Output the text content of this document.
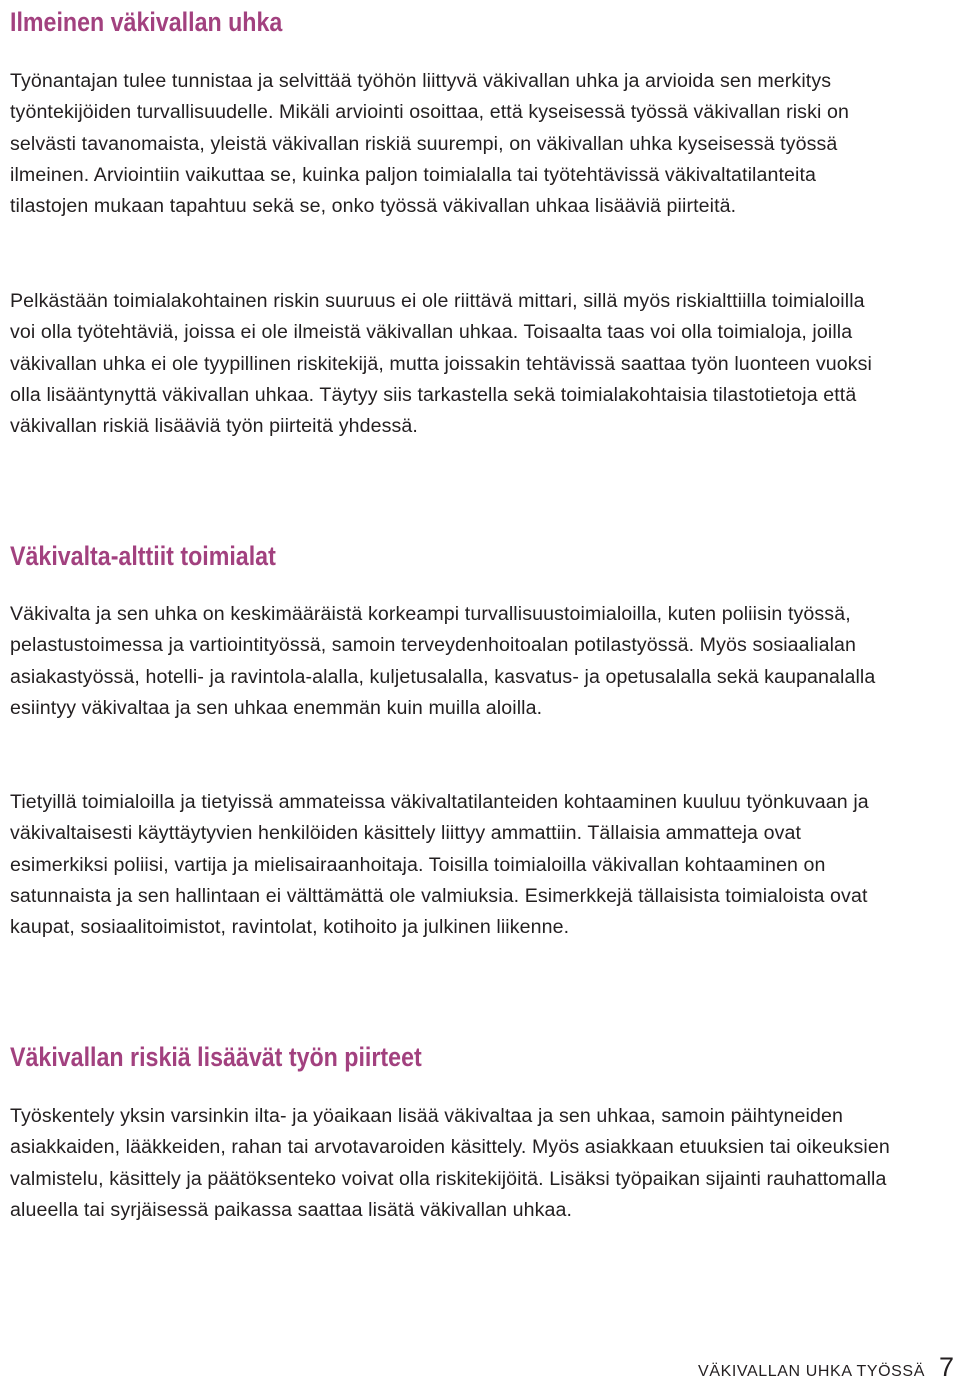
Ilmeinen väkivallan uhka

Työnantajan tulee tunnistaa ja selvittää työhön liittyvä väkivallan uhka ja arvioida sen merkitys työntekijöiden turvallisuudelle. Mikäli arviointi osoittaa, että kyseisessä työssä väkivallan riski on selvästi tavanomaista, yleistä väkivallan riskiä suurempi, on väkivallan uhka kyseisessä työssä ilmeinen. Arviointiin vaikuttaa se, kuinka paljon toimialalla tai työtehtävissä väkivaltatilanteita tilastojen mukaan tapahtuu sekä se, onko työssä väkivallan uhkaa lisääviä piirteitä.

Pelkästään toimialakohtainen riskin suuruus ei ole riittävä mittari, sillä myös riskialttiilla toimialoilla voi olla työtehtäviä, joissa ei ole ilmeistä väkivallan uhkaa. Toisaalta taas voi olla toimialoja, joilla väkivallan uhka ei ole tyypillinen riskitekijä, mutta joissakin tehtävissä saattaa työn luonteen vuoksi olla lisääntynyttä väkivallan uhkaa. Täytyy siis tarkastella sekä toimialakohtaisia tilastotietoja että väkivallan riskiä lisääviä työn piirteitä yhdessä.

Väkivalta-alttiit toimialat

Väkivalta ja sen uhka on keskimääräistä korkeampi turvallisuustoimialoilla, kuten poliisin työssä, pelastustoimessa ja vartiointityössä, samoin terveydenhoitoalan potilastyössä. Myös sosiaalialan asiakastyössä, hotelli- ja ravintola-alalla, kuljetusalalla, kasvatus- ja opetusalalla sekä kaupanalalla esiintyy väkivaltaa ja sen uhkaa enemmän kuin muilla aloilla.

Tietyillä toimialoilla ja tietyissä ammateissa väkivaltatilanteiden kohtaaminen kuuluu työnkuvaan ja väkivaltaisesti käyttäytyvien henkilöiden käsittely liittyy ammattiin. Tällaisia ammatteja ovat esimerkiksi poliisi, vartija ja mielisairaanhoitaja. Toisilla toimialoilla väkivallan kohtaaminen on satunnaista ja sen hallintaan ei välttämättä ole valmiuksia. Esimerkkejä tällaisista toimialoista ovat kaupat, sosiaalitoimistot, ravintolat, kotihoito ja julkinen liikenne.

Väkivallan riskiä lisäävät työn piirteet

Työskentely yksin varsinkin ilta- ja yöaikaan lisää väkivaltaa ja sen uhkaa, samoin päihtyneiden asiakkaiden, lääkkeiden, rahan tai arvotavaroiden käsittely. Myös asiakkaan etuuksien tai oikeuksien valmistelu, käsittely ja päätöksenteko voivat olla riskitekijöitä. Lisäksi työpaikan sijainti rauhattomalla alueella tai syrjäisessä paikassa saattaa lisätä väkivallan uhkaa.

VÄKIVALLAN UHKA TYÖSSÄ 7
